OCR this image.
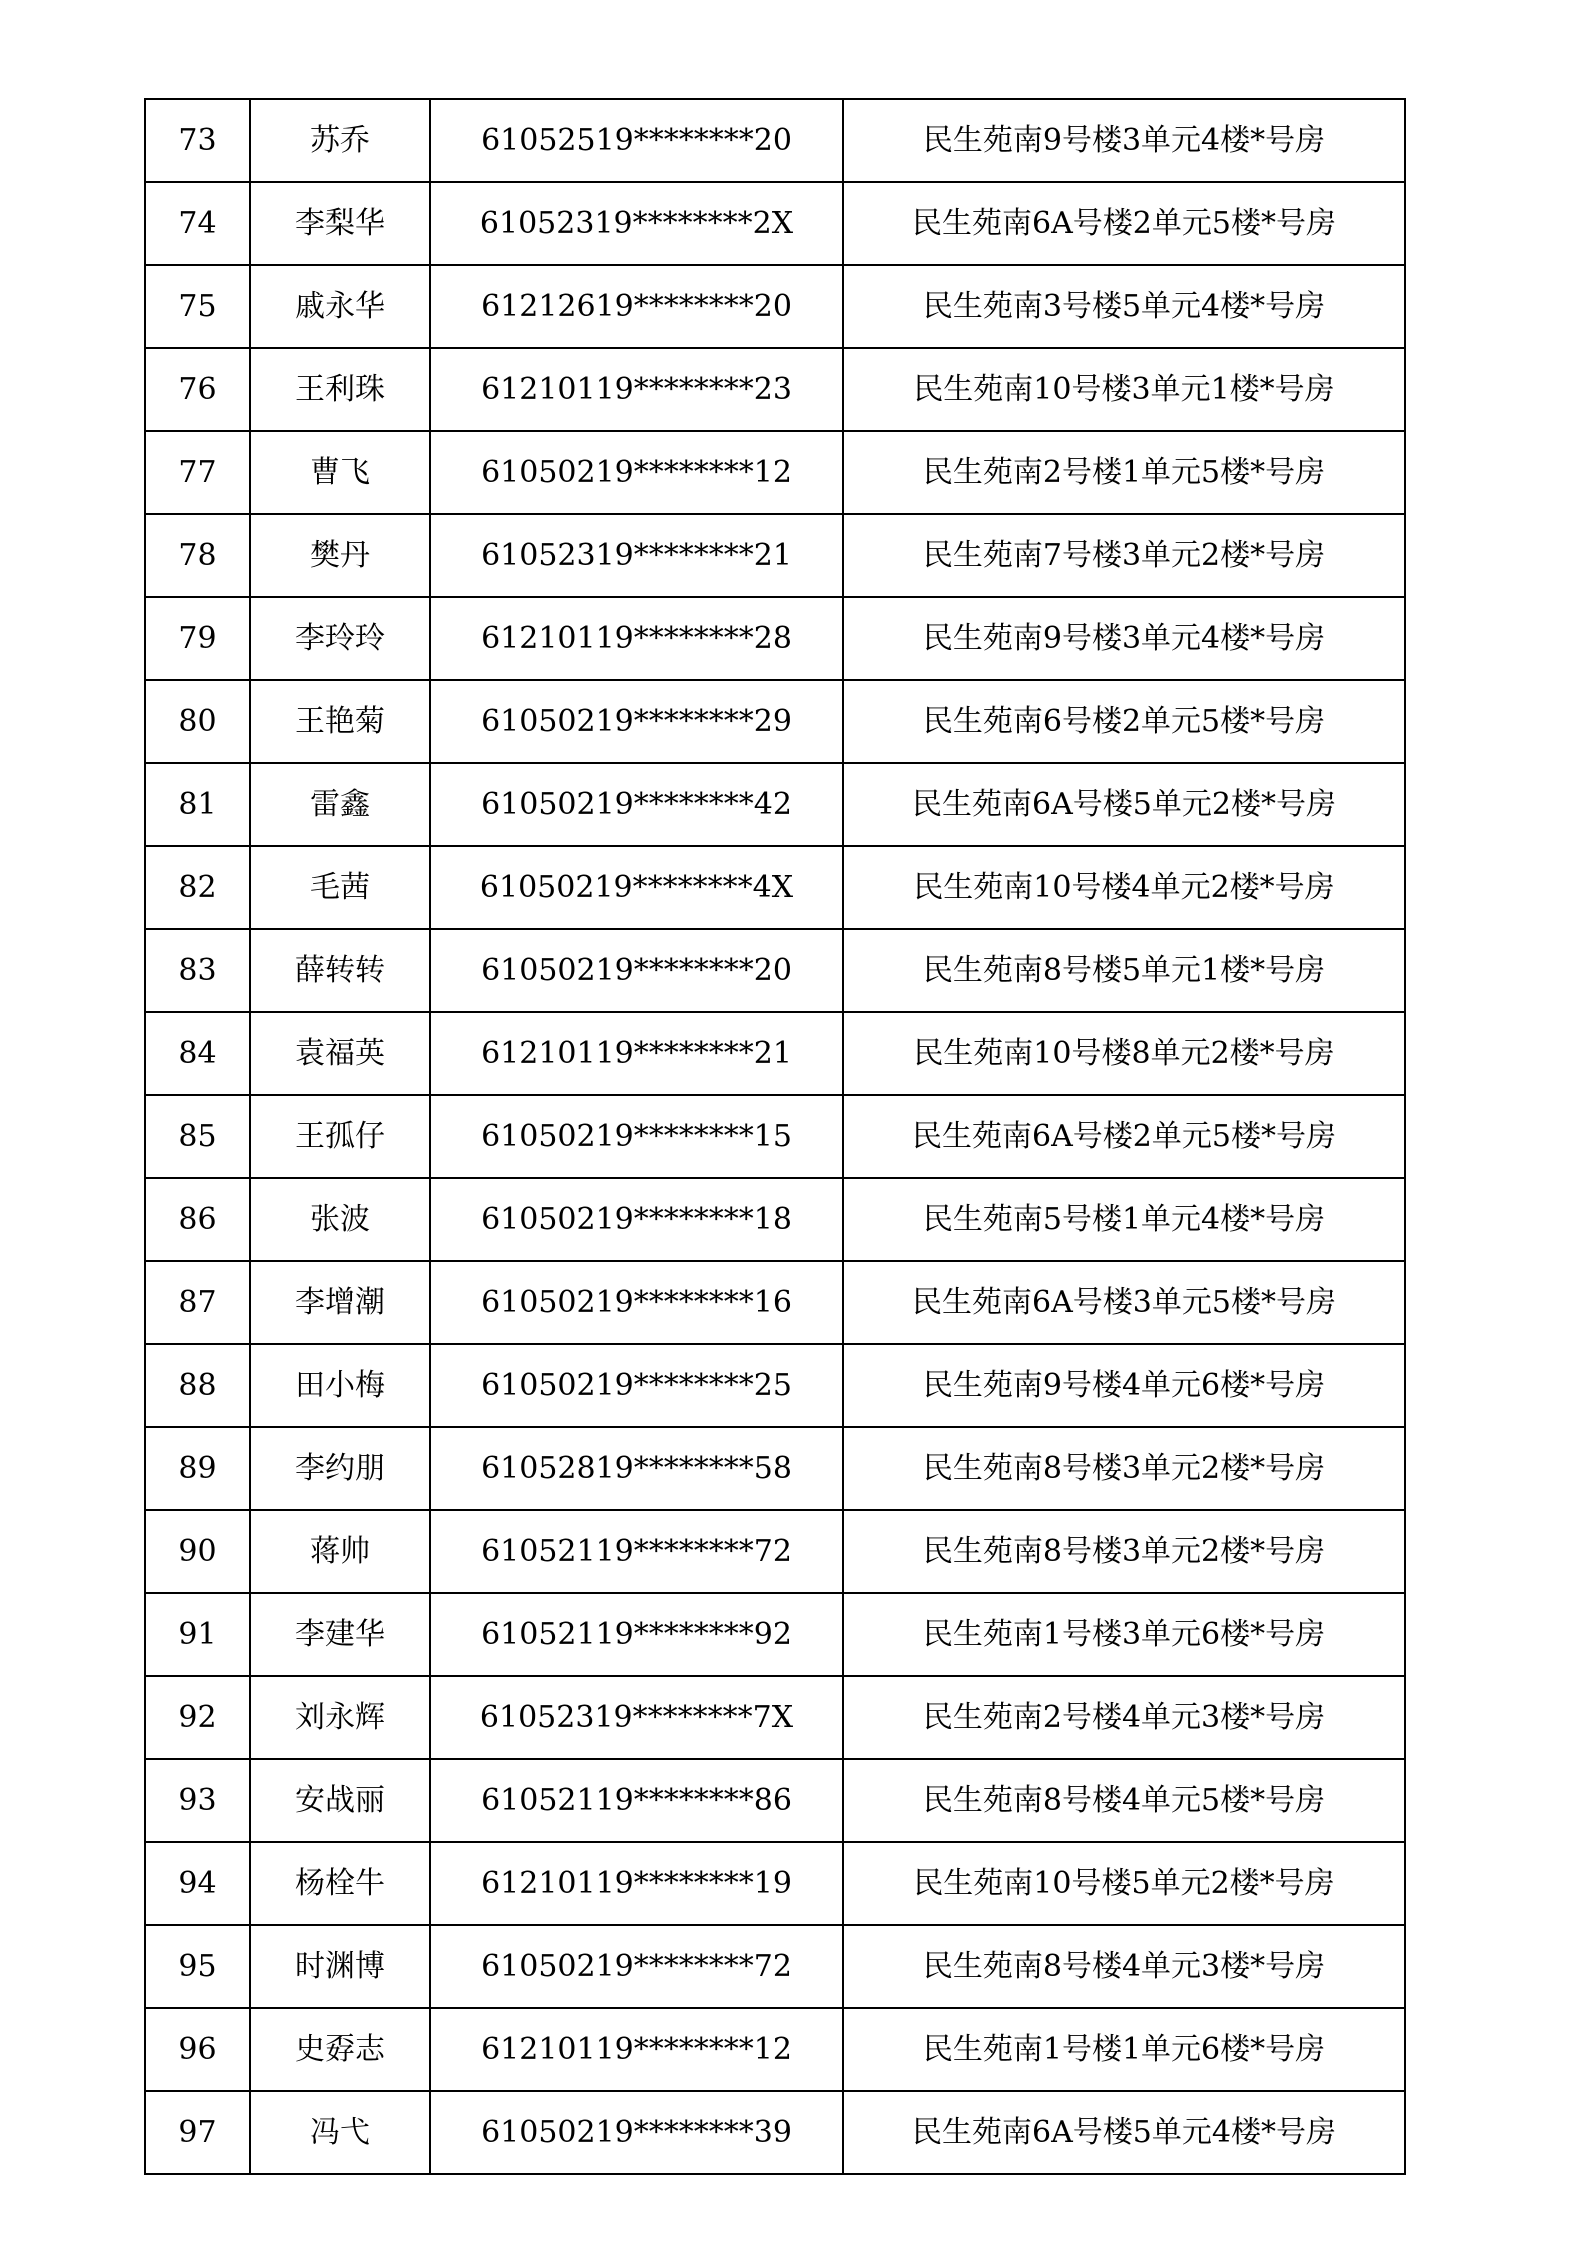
73	苏乔	61052519********20	民生苑南9号楼3单元4楼*号房
74	李梨华	61052319********2X	民生苑南6A号楼2单元5楼*号房
75	戚永华	61212619********20	民生苑南3号楼5单元4楼*号房
76	王利珠	61210119********23	民生苑南10号楼3单元1楼*号房
77	曹飞	61050219********12	民生苑南2号楼1单元5楼*号房
78	樊丹	61052319********21	民生苑南7号楼3单元2楼*号房
79	李玲玲	61210119********28	民生苑南9号楼3单元4楼*号房
80	王艳菊	61050219********29	民生苑南6号楼2单元5楼*号房
81	雷鑫	61050219********42	民生苑南6A号楼5单元2楼*号房
82	毛茜	61050219********4X	民生苑南10号楼4单元2楼*号房
83	薛转转	61050219********20	民生苑南8号楼5单元1楼*号房
84	袁福英	61210119********21	民生苑南10号楼8单元2楼*号房
85	王孤仔	61050219********15	民生苑南6A号楼2单元5楼*号房
86	张波	61050219********18	民生苑南5号楼1单元4楼*号房
87	李增潮	61050219********16	民生苑南6A号楼3单元5楼*号房
88	田小梅	61050219********25	民生苑南9号楼4单元6楼*号房
89	李约朋	61052819********58	民生苑南8号楼3单元2楼*号房
90	蒋帅	61052119********72	民生苑南8号楼3单元2楼*号房
91	李建华	61052119********92	民生苑南1号楼3单元6楼*号房
92	刘永辉	61052319********7X	民生苑南2号楼4单元3楼*号房
93	安战丽	61052119********86	民生苑南8号楼4单元5楼*号房
94	杨栓牛	61210119********19	民生苑南10号楼5单元2楼*号房
95	时渊博	61050219********72	民生苑南8号楼4单元3楼*号房
96	史孬志	61210119********12	民生苑南1号楼1单元6楼*号房
97	冯弋	61050219********39	民生苑南6A号楼5单元4楼*号房
